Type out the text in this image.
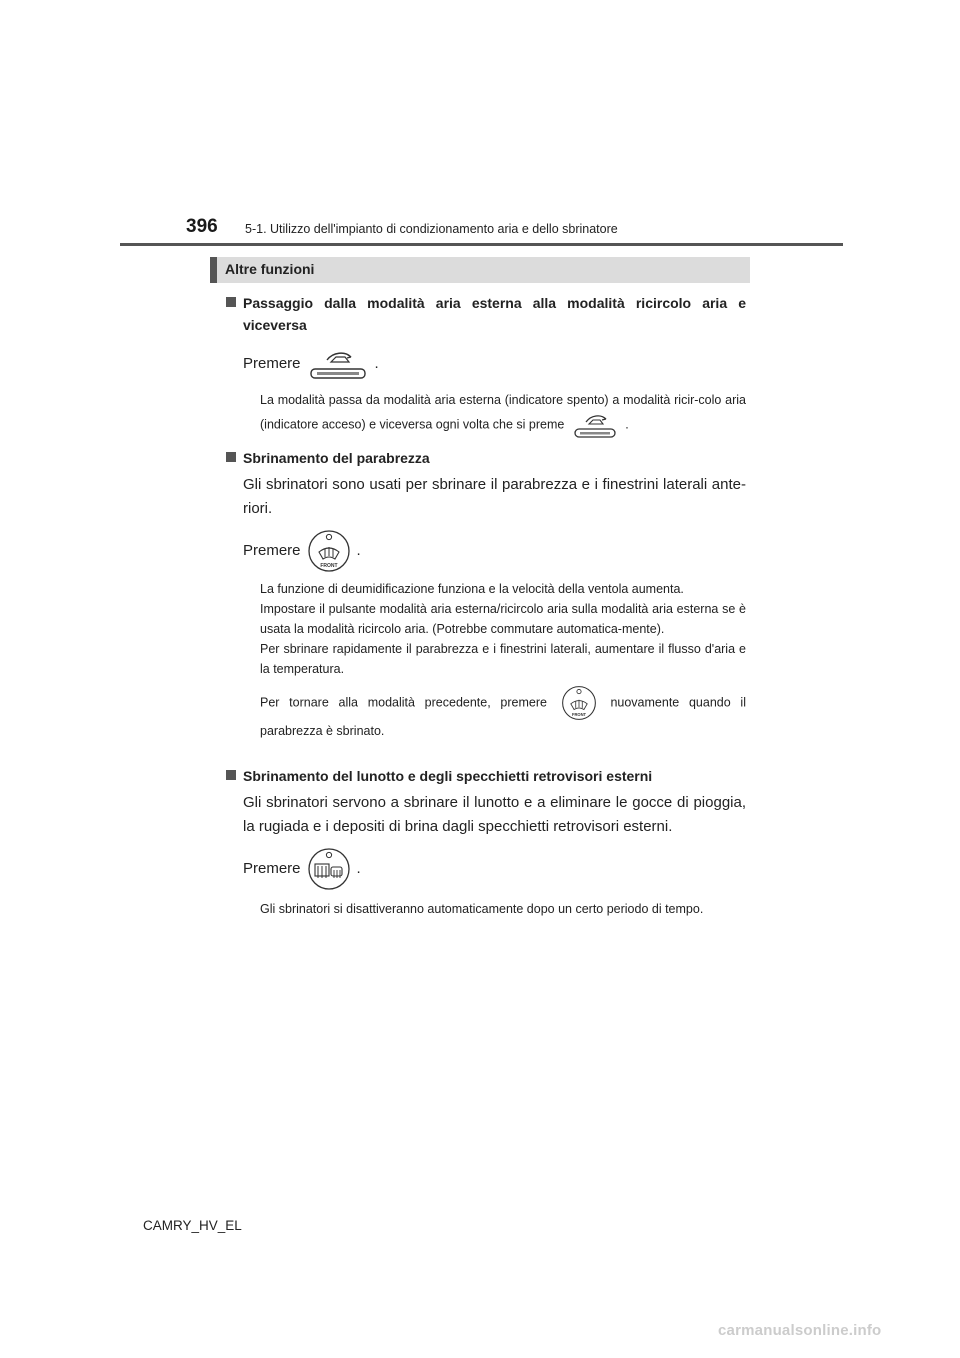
396 5-1. Utilizzo dell'impianto di condizionamento aria e dello sbrinatore
Altre funzioni
Passaggio dalla modalità aria esterna alla modalità ricircolo aria e viceversa
Premere	.
La modalità passa da modalità aria esterna (indicatore spento) a modalità ricir-colo aria (indicatore acceso) e viceversa ogni volta che si preme	.
Sbrinamento del parabrezza
Gli sbrinatori sono usati per sbrinare il parabrezza e i finestrini laterali ante-riori.
Premere
FRONT
.
La funzione di deumidificazione funziona e la velocità della ventola aumenta.
Impostare il pulsante modalità aria esterna/ricircolo aria sulla modalità aria esterna se è usata la modalità ricircolo aria. (Potrebbe commutare automatica-mente).
Per sbrinare rapidamente il parabrezza e i finestrini laterali, aumentare il flusso d'aria e la temperatura.
Per tornare alla modalità precedente, premere
FRONT
nuovamente quando il parabrezza è sbrinato.
Sbrinamento del lunotto e degli specchietti retrovisori esterni
Gli sbrinatori servono a sbrinare il lunotto e a eliminare le gocce di pioggia, la rugiada e i depositi di brina dagli specchietti retrovisori esterni.
Premere	.
Gli sbrinatori si disattiveranno automaticamente dopo un certo periodo di tempo.
CAMRY_HV_EL
carmanualsonline.info
